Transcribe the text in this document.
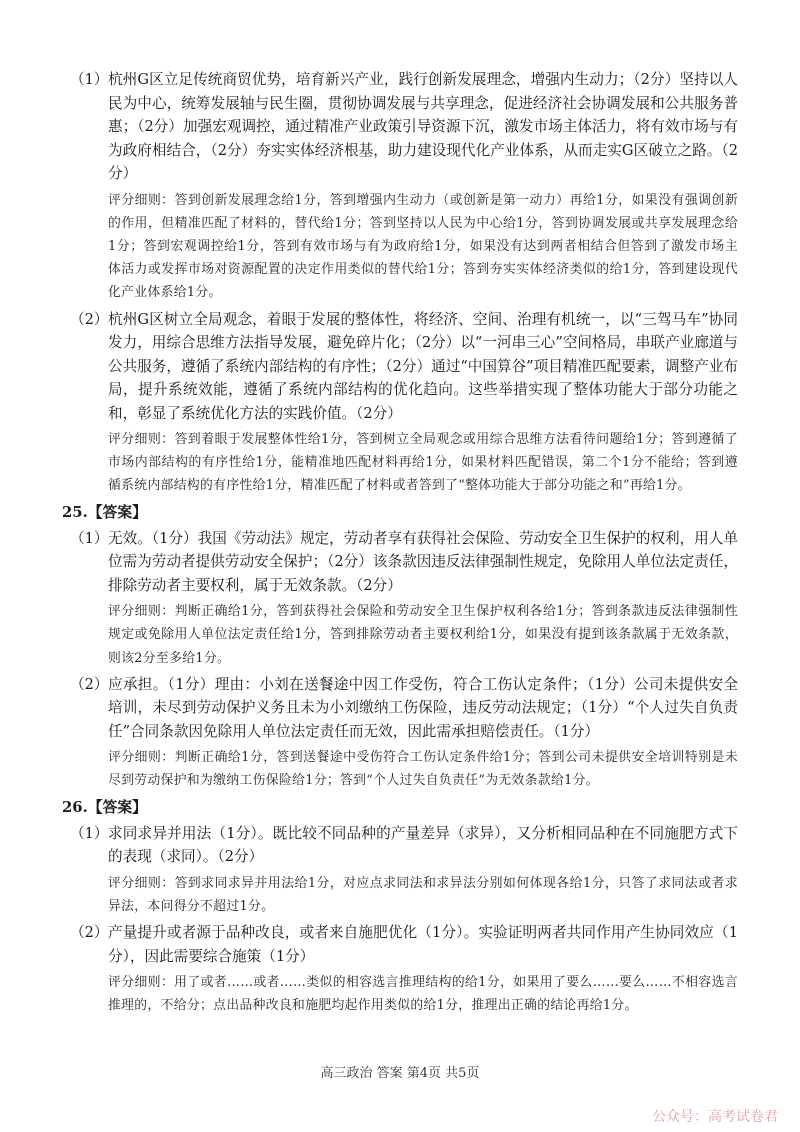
（1） 杭州G区立足传统商贸优势，培育新兴产业，践行创新发展理念，增强内生动力；（2分）坚持以人民为中心，统筹发展轴与民生圈，贯彻协调发展与共享理念，促进经济社会协调发展和公共服务普惠；（2分）加强宏观调控，通过精准产业政策引导资源下沉，激发市场主体活力，将有效市场与有为政府相结合，（2分）夯实实体经济根基，助力建设现代化产业体系，从而走实G区破立之路。（2分）
评分细则：答到创新发展理念给1分，答到增强内生动力（或创新是第一动力）再给1分，如果没有强调创新的作用，但精准匹配了材料的，替代给1分；答到坚持以人民为中心给1分，答到协调发展或共享发展理念给1分；答到宏观调控给1分，答到有效市场与有为政府给1分，如果没有达到两者相结合但答到了激发市场主体活力或发挥市场对资源配置的决定作用类似的替代给1分；答到夯实实体经济类似的给1分，答到建设现代化产业体系给1分。
（2） 杭州G区树立全局观念，着眼于发展的整体性，将经济、空间、治理有机统一，以“三驾马车”协同发力，用综合思维方法指导发展，避免碎片化；（2分）以“一河串三心”空间格局，串联产业廊道与公共服务，遵循了系统内部结构的有序性；（2分）通过“中国算谷”项目精准匹配要素，调整产业布局，提升系统效能，遵循了系统内部结构的优化趋向。这些举措实现了整体功能大于部分功能之和，彰显了系统优化方法的实践价值。（2分）
评分细则：答到着眼于发展整体性给1分，答到树立全局观念或用综合思维方法看待问题给1分；答到遵循了市场内部结构的有序性给1分，能精准地匹配材料再给1分，如果材料匹配错误，第二个1分不能给；答到遵循系统内部结构的有序性给1分，精准匹配了材料或者答到了“整体功能大于部分功能之和”再给1分。
25.【答案】
（1） 无效。（1分）我国《劳动法》规定，劳动者享有获得社会保险、劳动安全卫生保护的权利，用人单位需为劳动者提供劳动安全保护；（2分）该条款因违反法律强制性规定，免除用人单位法定责任，排除劳动者主要权利，属于无效条款。（2分）
评分细则：判断正确给1分，答到获得社会保险和劳动安全卫生保护权利各给1分；答到条款违反法律强制性规定或免除用人单位法定责任给1分，答到排除劳动者主要权利给1分，如果没有提到该条款属于无效条款，则该2分至多给1分。
（2） 应承担。（1分）理由：小刘在送餐途中因工作受伤，符合工伤认定条件；（1分）公司未提供安全培训，未尽到劳动保护义务且未为小刘缴纳工伤保险，违反劳动法规定；（1分）“个人过失自负责任”合同条款因免除用人单位法定责任而无效，因此需承担赔偿责任。（1分）
评分细则：判断正确给1分，答到送餐途中受伤符合工伤认定条件给1分；答到公司未提供安全培训特别是未尽到劳动保护和为缴纳工伤保险给1分；答到“个人过失自负责任”为无效条款给1分。
26.【答案】
（1） 求同求异并用法（1分）。既比较不同品种的产量差异（求异），又分析相同品种在不同施肥方式下的表现（求同）。（2分）
评分细则：答到求同求异并用法给1分，对应点求同法和求异法分别如何体现各给1分，只答了求同法或者求异法，本问得分不超过1分。
（2） 产量提升或者源于品种改良，或者来自施肥优化（1分）。实验证明两者共同作用产生协同效应（1分），因此需要综合施策（1分）
评分细则：用了或者……或者……类似的相容选言推理结构的给1分，如果用了要么……要么……不相容选言推理的，不给分；点出品种改良和施肥均起作用类似的给1分，推理出正确的结论再给1分。
高三政治 答案 第4页 共5页
公众号：高考试卷君
